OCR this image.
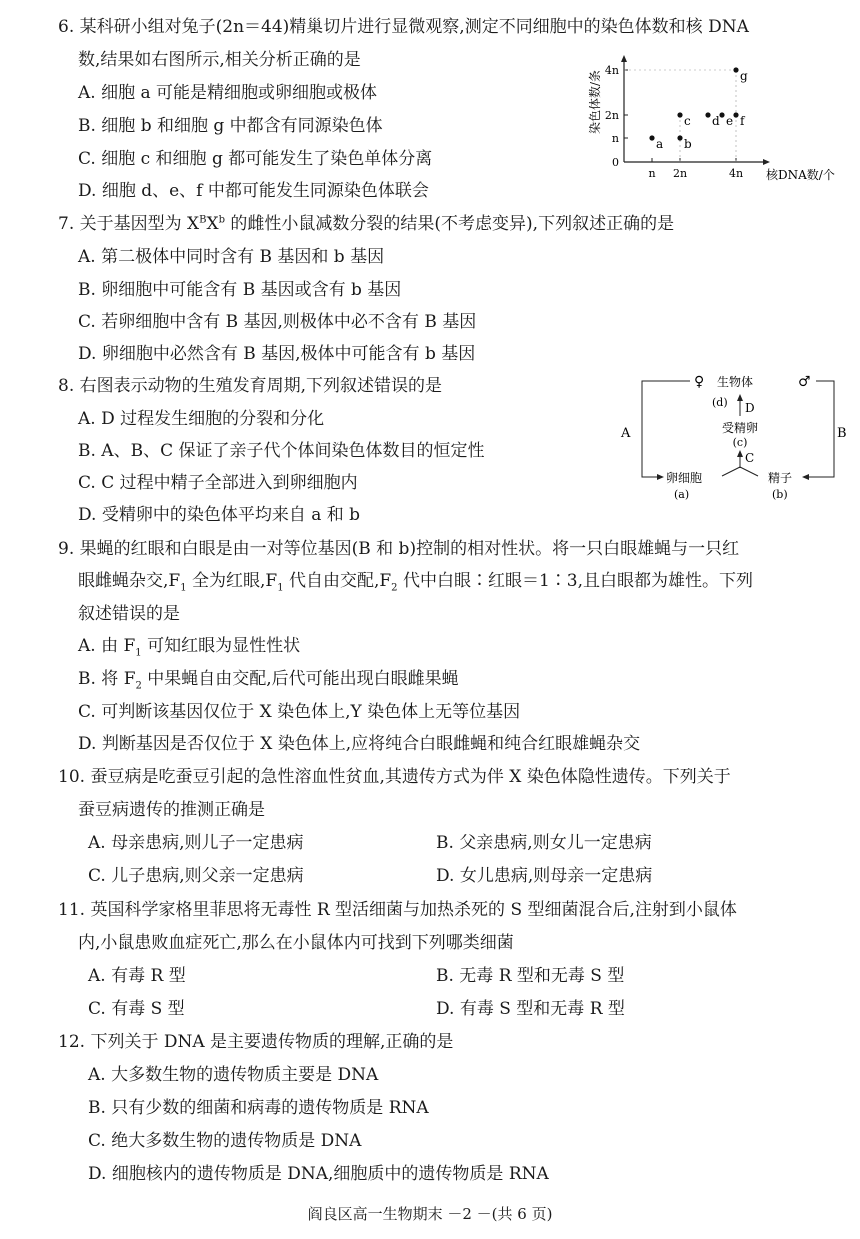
6. 某科研小组对兔子(2n＝44)精巢切片进行显微观察,测定不同细胞中的染色体数和核 DNA
数,结果如右图所示,相关分析正确的是
A. 细胞 a 可能是精细胞或卵细胞或极体
B. 细胞 b 和细胞 g 中都含有同源染色体
C. 细胞 c 和细胞 g 都可能发生了染色单体分离
D. 细胞 d、e、f 中都可能发生同源染色体联会
染色体数/条
核DNA数/个
0
n
2n
4n
n 2n	4n
a b
c d e f
g
7. 关于基因型为 $X^BX^b$ 的雌性小鼠减数分裂的结果(不考虑变异),下列叙述正确的是
A. 第二极体中同时含有 B 基因和 b 基因
B. 卵细胞中可能含有 B 基因或含有 b 基因
C. 若卵细胞中含有 B 基因,则极体中必不含有 B 基因
D. 卵细胞中必然含有 B 基因,极体中可能含有 b 基因
8. 右图表示动物的生殖发育周期,下列叙述错误的是
A. D 过程发生细胞的分裂和分化
B. A、B、C 保证了亲子代个体间染色体数目的恒定性
C. C 过程中精子全部进入到卵细胞内
D. 受精卵中的染色体平均来自 a 和 b
♀ 生物体	♂
(d) D
受精卵
(c)
C
卵细胞
(a)
精子
(b)
A	B
9. 果蝇的红眼和白眼是由一对等位基因(B 和 b)控制的相对性状。将一只白眼雄蝇与一只红
眼雌蝇杂交$,F_1$ 全为红眼$,F_1$ 代自由交配$,F_2$ 代中白眼∶红眼＝1∶3,且白眼都为雄性。下列
叙述错误的是
A. 由 $F_1$ 可知红眼为显性性状
B. 将 $F_2$ 中果蝇自由交配,后代可能出现白眼雌果蝇
C. 可判断该基因仅位于 X 染色体上,Y 染色体上无等位基因
D. 判断基因是否仅位于 X 染色体上,应将纯合白眼雌蝇和纯合红眼雄蝇杂交
10. 蚕豆病是吃蚕豆引起的急性溶血性贫血,其遗传方式为伴 X 染色体隐性遗传。下列关于
蚕豆病遗传的推测正确是
A. 母亲患病,则儿子一定患病	B. 父亲患病,则女儿一定患病
C. 儿子患病,则父亲一定患病	D. 女儿患病,则母亲一定患病
11. 英国科学家格里菲思将无毒性 R 型活细菌与加热杀死的 S 型细菌混合后,注射到小鼠体
内,小鼠患败血症死亡,那么在小鼠体内可找到下列哪类细菌
A. 有毒 R 型	B. 无毒 R 型和无毒 S 型
C. 有毒 S 型	D. 有毒 S 型和无毒 R 型
12. 下列关于 DNA 是主要遗传物质的理解,正确的是
A. 大多数生物的遗传物质主要是 DNA
B. 只有少数的细菌和病毒的遗传物质是 RNA
C. 绝大多数生物的遗传物质是 DNA
D. 细胞核内的遗传物质是 DNA,细胞质中的遗传物质是 RNA
阎良区高一生物期末 －2 －(共 6 页)
